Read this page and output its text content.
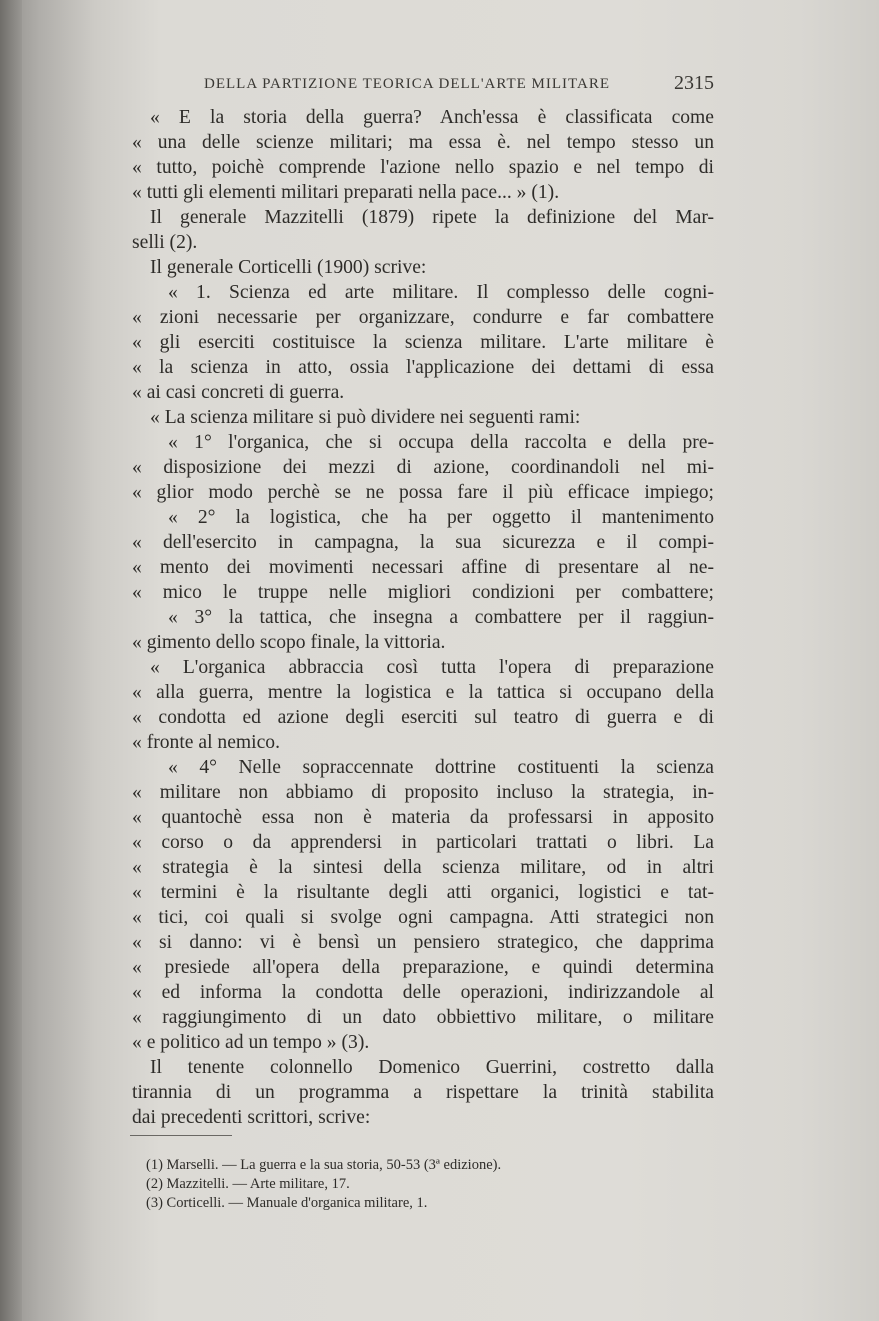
DELLA PARTIZIONE TEORICA DELL'ARTE MILITARE	2315
« E la storia della guerra? Anch'essa è classificata come
« una delle scienze militari; ma essa è. nel tempo stesso un
« tutto, poichè comprende l'azione nello spazio e nel tempo di
« tutti gli elementi militari preparati nella pace... » (1).
Il generale Mazzitelli (1879) ripete la definizione del Mar-
selli (2).
Il generale Corticelli (1900) scrive:
« 1. Scienza ed arte militare. Il complesso delle cogni-
« zioni necessarie per organizzare, condurre e far combattere
« gli eserciti costituisce la scienza militare. L'arte militare è
« la scienza in atto, ossia l'applicazione dei dettami di essa
« ai casi concreti di guerra.
« La scienza militare si può dividere nei seguenti rami:
« 1° l'organica, che si occupa della raccolta e della pre-
« disposizione dei mezzi di azione, coordinandoli nel mi-
« glior modo perchè se ne possa fare il più efficace impiego;
« 2° la logistica, che ha per oggetto il mantenimento
« dell'esercito in campagna, la sua sicurezza e il compi-
« mento dei movimenti necessari affine di presentare al ne-
« mico le truppe nelle migliori condizioni per combattere;
« 3° la tattica, che insegna a combattere per il raggiun-
« gimento dello scopo finale, la vittoria.
« L'organica abbraccia così tutta l'opera di preparazione
« alla guerra, mentre la logistica e la tattica si occupano della
« condotta ed azione degli eserciti sul teatro di guerra e di
« fronte al nemico.
« 4° Nelle sopraccennate dottrine costituenti la scienza
« militare non abbiamo di proposito incluso la strategia, in-
« quantochè essa non è materia da professarsi in apposito
« corso o da apprendersi in particolari trattati o libri. La
« strategia è la sintesi della scienza militare, od in altri
« termini è la risultante degli atti organici, logistici e tat-
« tici, coi quali si svolge ogni campagna. Atti strategici non
« si danno: vi è bensì un pensiero strategico, che dapprima
« presiede all'opera della preparazione, e quindi determina
« ed informa la condotta delle operazioni, indirizzandole al
« raggiungimento di un dato obbiettivo militare, o militare
« e politico ad un tempo » (3).
Il tenente colonnello Domenico Guerrini, costretto dalla
tirannia di un programma a rispettare la trinità stabilita
dai precedenti scrittori, scrive:
(1) Marselli. — La guerra e la sua storia, 50-53 (3ª edizione).
(2) Mazzitelli. — Arte militare, 17.
(3) Corticelli. — Manuale d'organica militare, 1.
